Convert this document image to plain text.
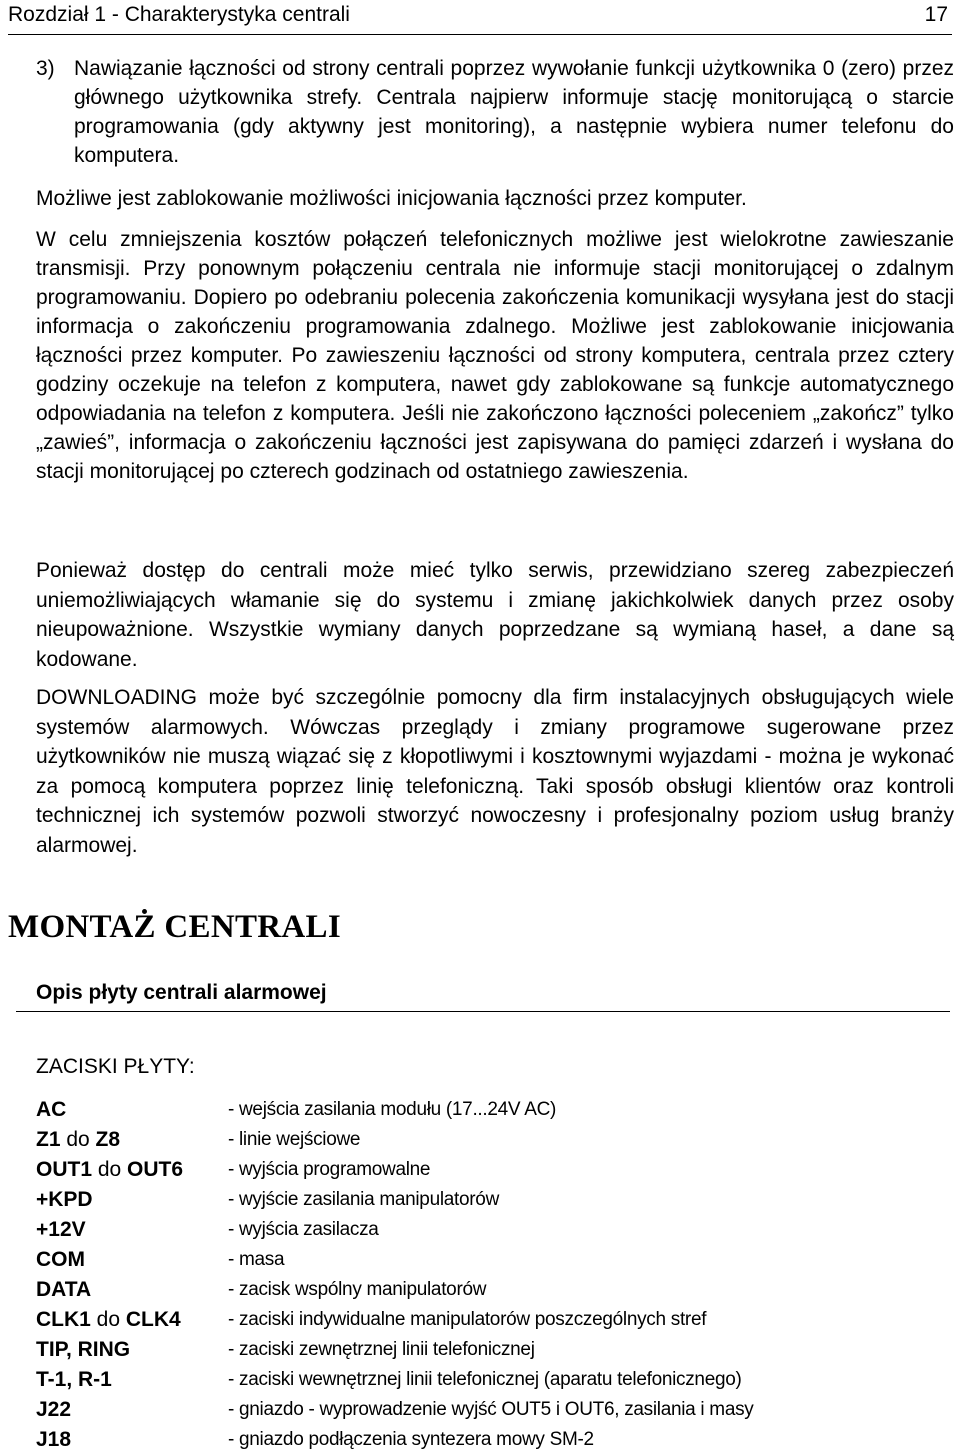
Rozdział 1 - Charakterystyka centrali	17
3) Nawiązanie łączności od strony centrali poprzez wywołanie funkcji użytkownika 0 (zero) przez głównego użytkownika strefy. Centrala najpierw informuje stację monitorującą o starcie programowania (gdy aktywny jest monitoring), a następnie wybiera numer telefonu do komputera.

Możliwe jest zablokowanie możliwości inicjowania łączności przez komputer.

W celu zmniejszenia kosztów połączeń telefonicznych możliwe jest wielokrotne zawieszanie transmisji. Przy ponownym połączeniu centrala nie informuje stacji monitorującej o zdalnym programowaniu. Dopiero po odebraniu polecenia zakończenia komunikacji wysyłana jest do stacji informacja o zakończeniu programowania zdalnego. Możliwe jest zablokowanie inicjowania łączności przez komputer. Po zawieszeniu łączności od strony komputera, centrala przez cztery godziny oczekuje na telefon z komputera, nawet gdy zablokowane są funkcje automatycznego odpowiadania na telefon z komputera. Jeśli nie zakończono łączności poleceniem „zakończ” tylko „zawieś”, informacja o zakończeniu łączności jest zapisywana do pamięci zdarzeń i wysłana do stacji monitorującej po czterech godzinach od ostatniego zawieszenia.

Ponieważ dostęp do centrali może mieć tylko serwis, przewidziano szereg zabezpieczeń uniemożliwiających włamanie się do systemu i zmianę jakichkolwiek danych przez osoby nieupoważnione. Wszystkie wymiany danych poprzedzane są wymianą haseł, a dane są kodowane.

DOWNLOADING może być szczególnie pomocny dla firm instalacyjnych obsługujących wiele systemów alarmowych. Wówczas przeglądy i zmiany programowe sugerowane przez użytkowników nie muszą wiązać się z kłopotliwymi i kosztownymi wyjazdami - można je wykonać za pomocą komputera poprzez linię telefoniczną. Taki sposób obsługi klientów oraz kontroli technicznej ich systemów pozwoli stworzyć nowoczesny i profesjonalny poziom usług branży alarmowej.

MONTAŻ CENTRALI
Opis płyty centrali alarmowej
ZACISKI PŁYTY:
AC	- wejścia zasilania modułu (17...24V AC)
Z1 do Z8	- linie wejściowe
OUT1 do OUT6 - wyjścia programowalne
+KPD	- wyjście zasilania manipulatorów
+12V	- wyjścia zasilacza
COM	- masa
DATA	- zacisk wspólny manipulatorów
CLK1 do CLK4 - zaciski indywidualne manipulatorów poszczególnych stref
TIP, RING	- zaciski zewnętrznej linii telefonicznej
T-1, R-1	- zaciski wewnętrznej linii telefonicznej (aparatu telefonicznego)
J22	- gniazdo - wyprowadzenie wyjść OUT5 i OUT6, zasilania i masy
J18	- gniazdo podłączenia syntezera mowy SM-2
